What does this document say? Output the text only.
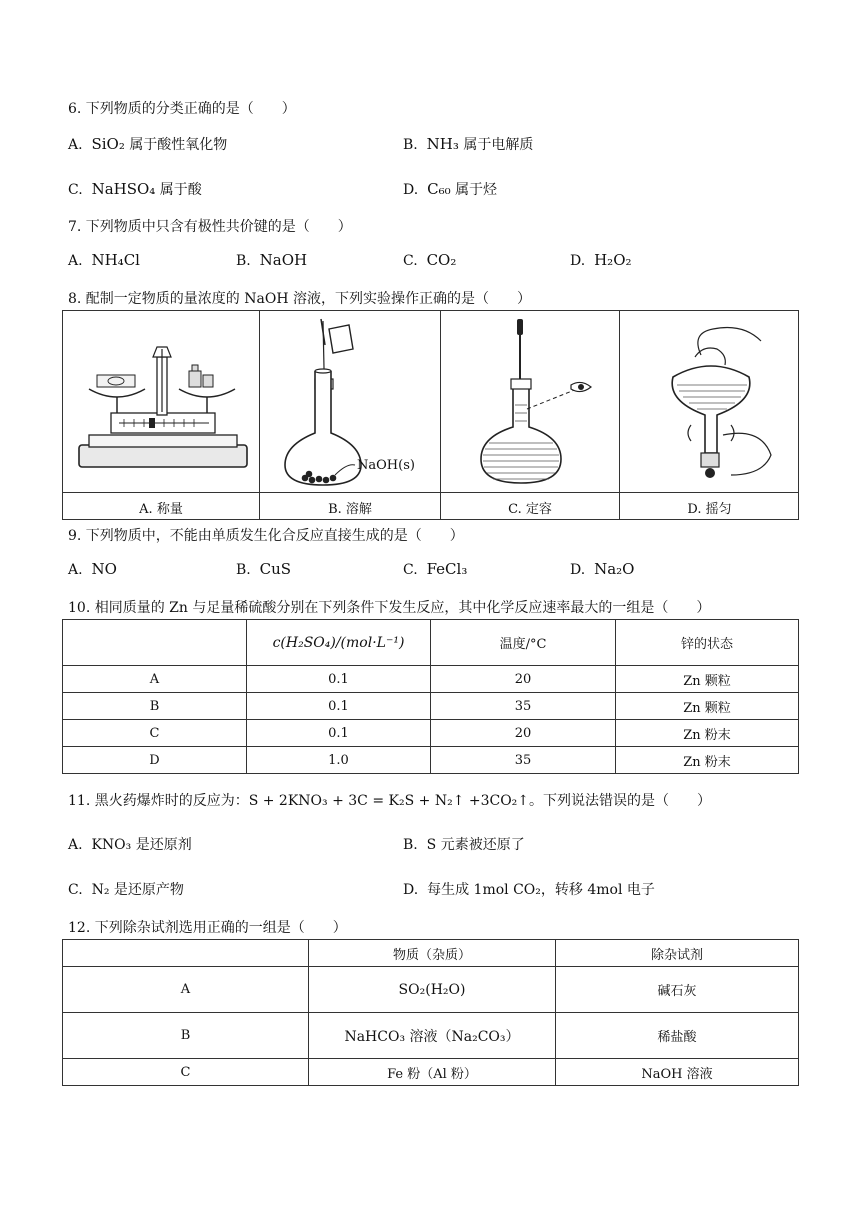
6. 下列物质的分类正确的是（　　）
A. SiO₂ 属于酸性氧化物	B. NH₃ 属于电解质
C. NaHSO₄ 属于酸	D. C₆₀ 属于烃
7. 下列物质中只含有极性共价键的是（　　）
A. NH₄Cl	B. NaOH	C. CO₂	D. H₂O₂
8. 配制一定物质的量浓度的 NaOH 溶液，下列实验操作正确的是（　　）
NaOH(s)
A. 称量	B. 溶解	C. 定容	D. 摇匀
9. 下列物质中，不能由单质发生化合反应直接生成的是（　　）
A. NO	B. CuS	C. FeCl₃	D. Na₂O
10. 相同质量的 Zn 与足量稀硫酸分别在下列条件下发生反应，其中化学反应速率最大的一组是（　　）
	c(H₂SO₄)/(mol·L⁻¹)	温度/°C	锌的状态
A	0.1	20	Zn 颗粒
B	0.1	35	Zn 颗粒
C	0.1	20	Zn 粉末
D	1.0	35	Zn 粉末
11. 黑火药爆炸时的反应为：S + 2KNO₃ + 3C = K₂S + N₂↑ +3CO₂↑。下列说法错误的是（　　）
A. KNO₃ 是还原剂	B. S 元素被还原了
C. N₂ 是还原产物	D. 每生成 1mol CO₂，转移 4mol 电子
12. 下列除杂试剂选用正确的一组是（　　）
	物质（杂质）	除杂试剂
A	SO₂(H₂O)	碱石灰
B	NaHCO₃ 溶液（Na₂CO₃）	稀盐酸
C	Fe 粉（Al 粉）	NaOH 溶液
